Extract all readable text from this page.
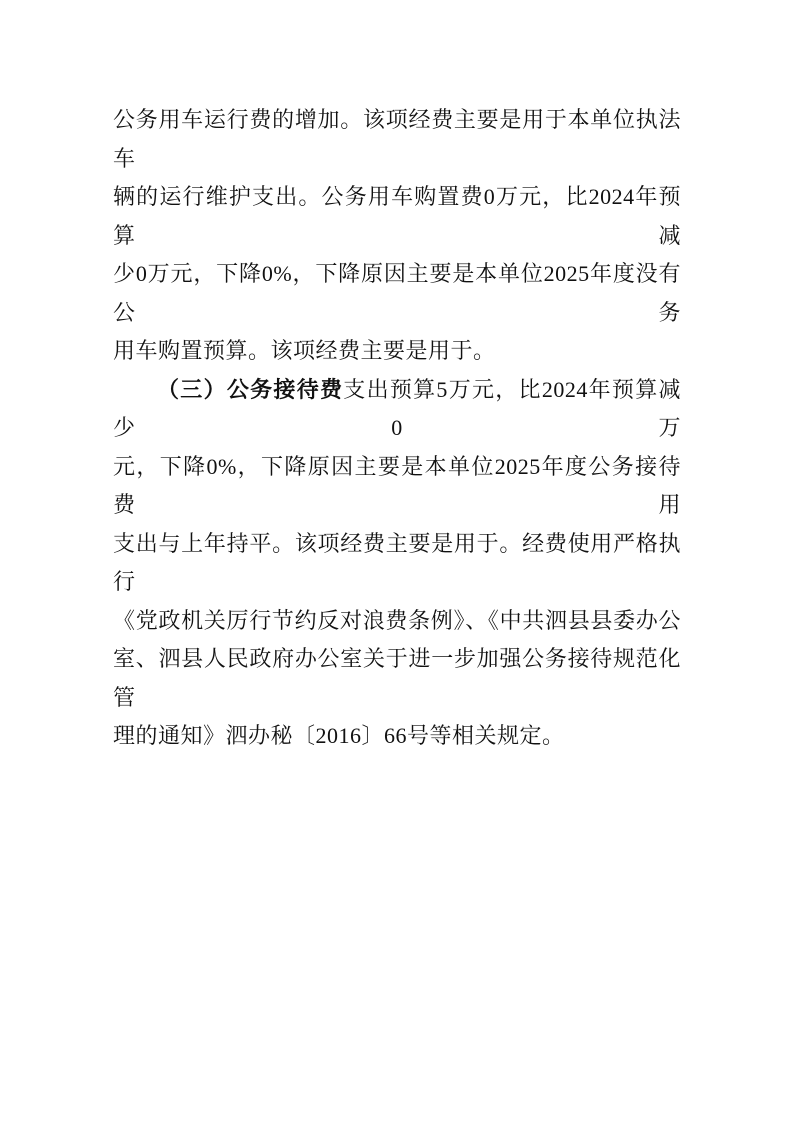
公务用车运行费的增加。该项经费主要是用于本单位执法车
辆的运行维护支出。公务用车购置费0万元，比2024年预算减
少0万元，下降0%，下降原因主要是本单位2025年度没有公务
用车购置预算。该项经费主要是用于。
（三）公务接待费支出预算5万元，比2024年预算减少0万
元，下降0%，下降原因主要是本单位2025年度公务接待费用
支出与上年持平。该项经费主要是用于。经费使用严格执行
《党政机关厉行节约反对浪费条例》、《中共泗县县委办公
室、泗县人民政府办公室关于进一步加强公务接待规范化管
理的通知》泗办秘〔2016〕66号等相关规定。
